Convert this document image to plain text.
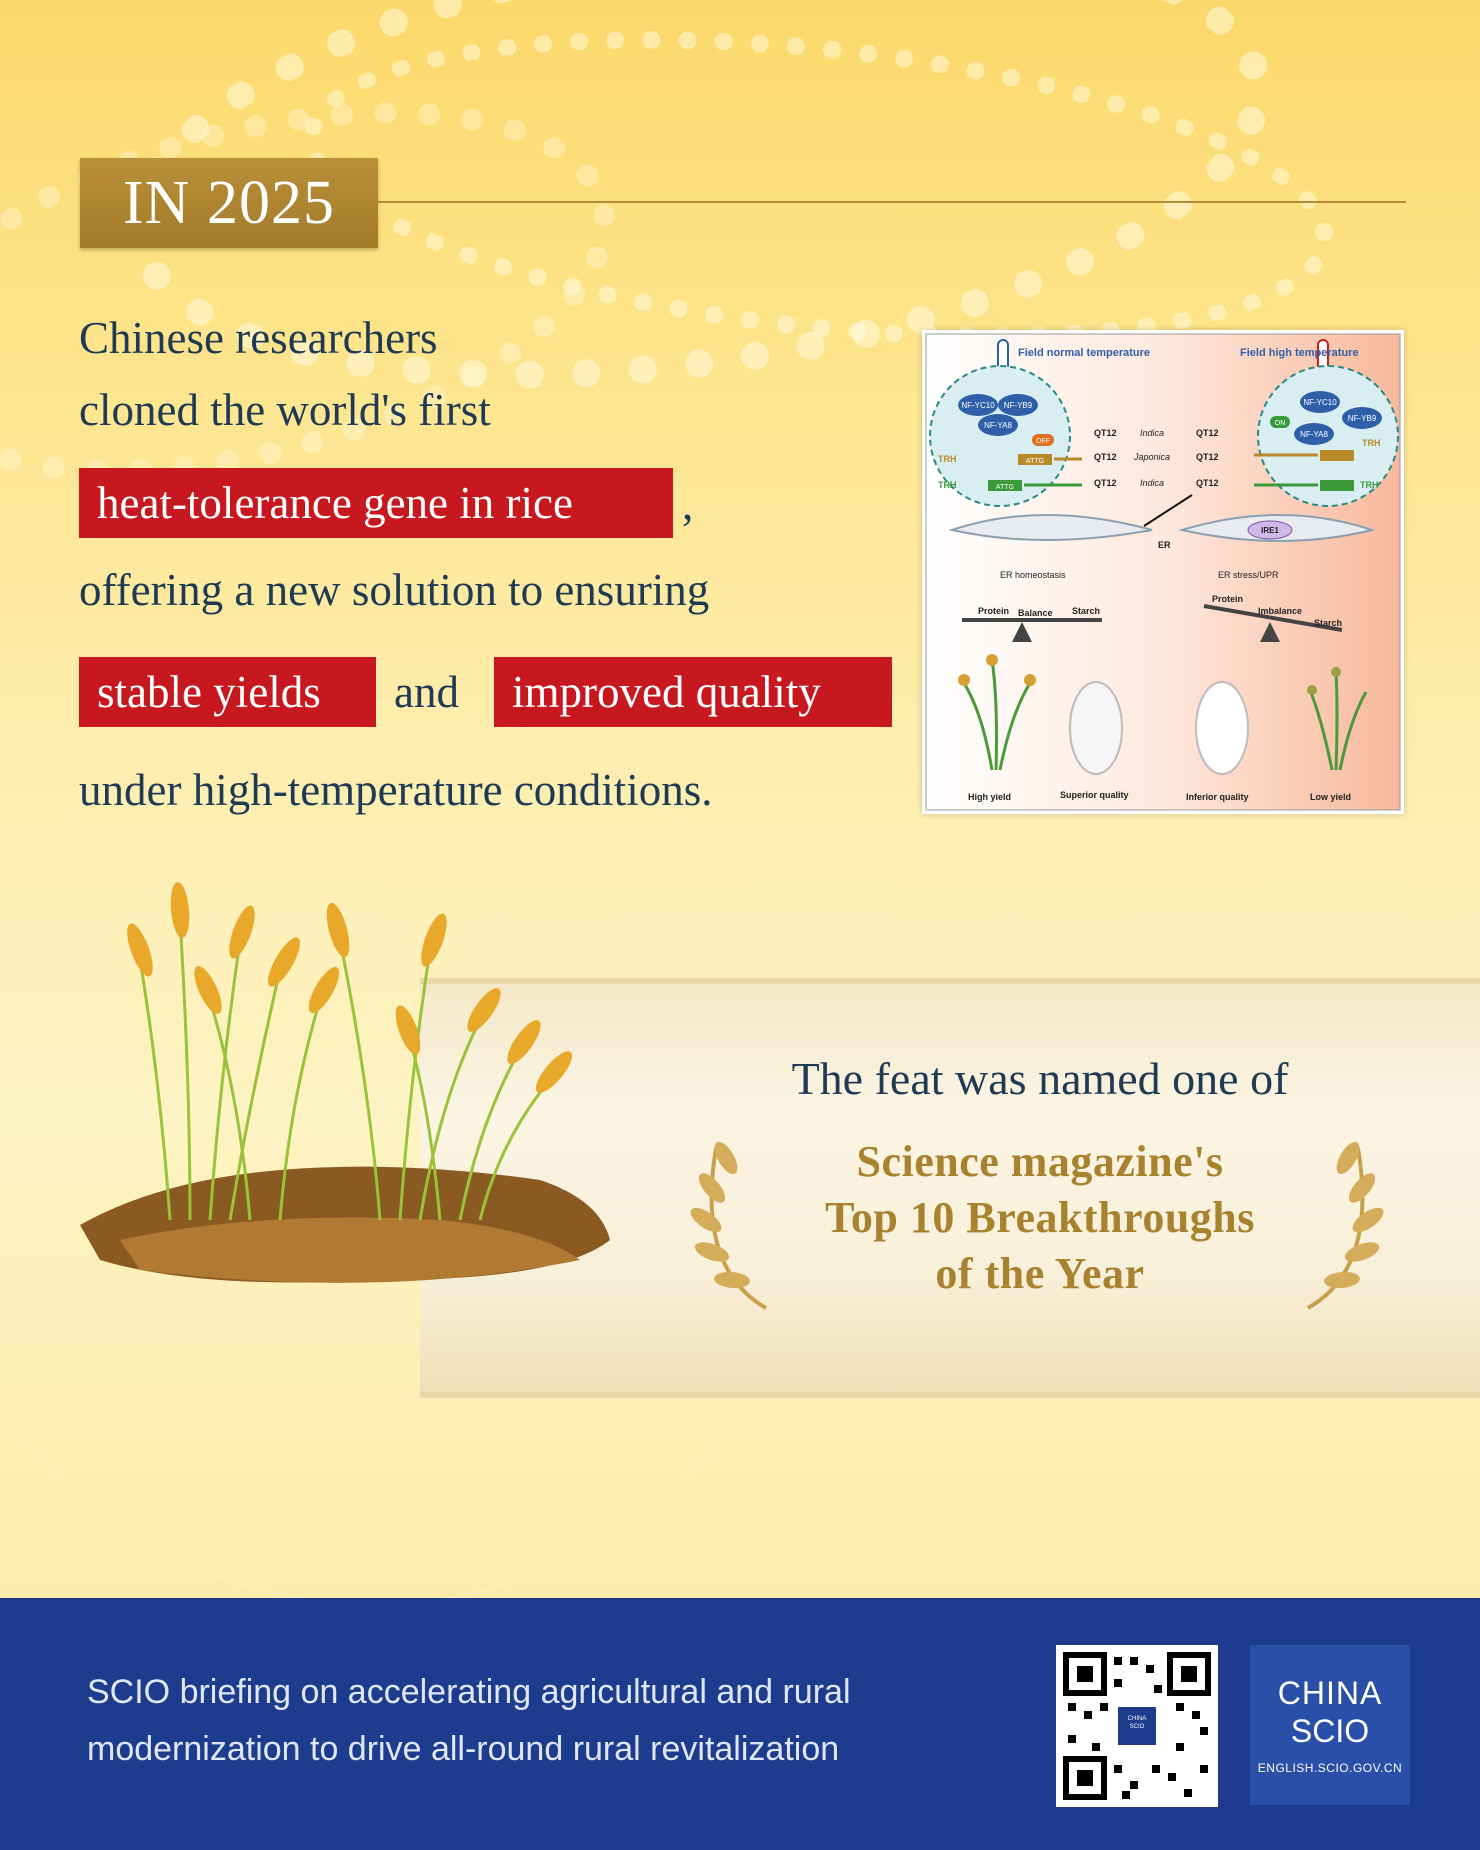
IN 2025
Chinese researchers
cloned the world's first
heat-tolerance gene in rice	,
offering a new solution to ensuring
stable yields	and	improved quality
under high-temperature conditions.
Field normal temperature	Field high temperature
NF-YC10 NF-YB9
NF-YA8
OFF
NF-YC10
NF-YB9
NF-YA8
ON
TRH	ATTG
TRH	ATTG
TRH
TRH
QT12	Indica	QT12
QT12 Japonica	QT12
QT12	Indica	QT12
ER
IRE1
ER homeostasis	ER stress/UPR
Protein Balance Starch
Protein
Imbalance
Starch
High yield	Superior quality	Inferior quality	Low yield
The feat was named one of
Science magazine's
Top 10 Breakthroughs
of the Year
SCIO briefing on accelerating agricultural and rural
modernization to drive all-round rural revitalization
CHINA SCIO
CHINA
SCIO
ENGLISH.SCIO.GOV.CN
